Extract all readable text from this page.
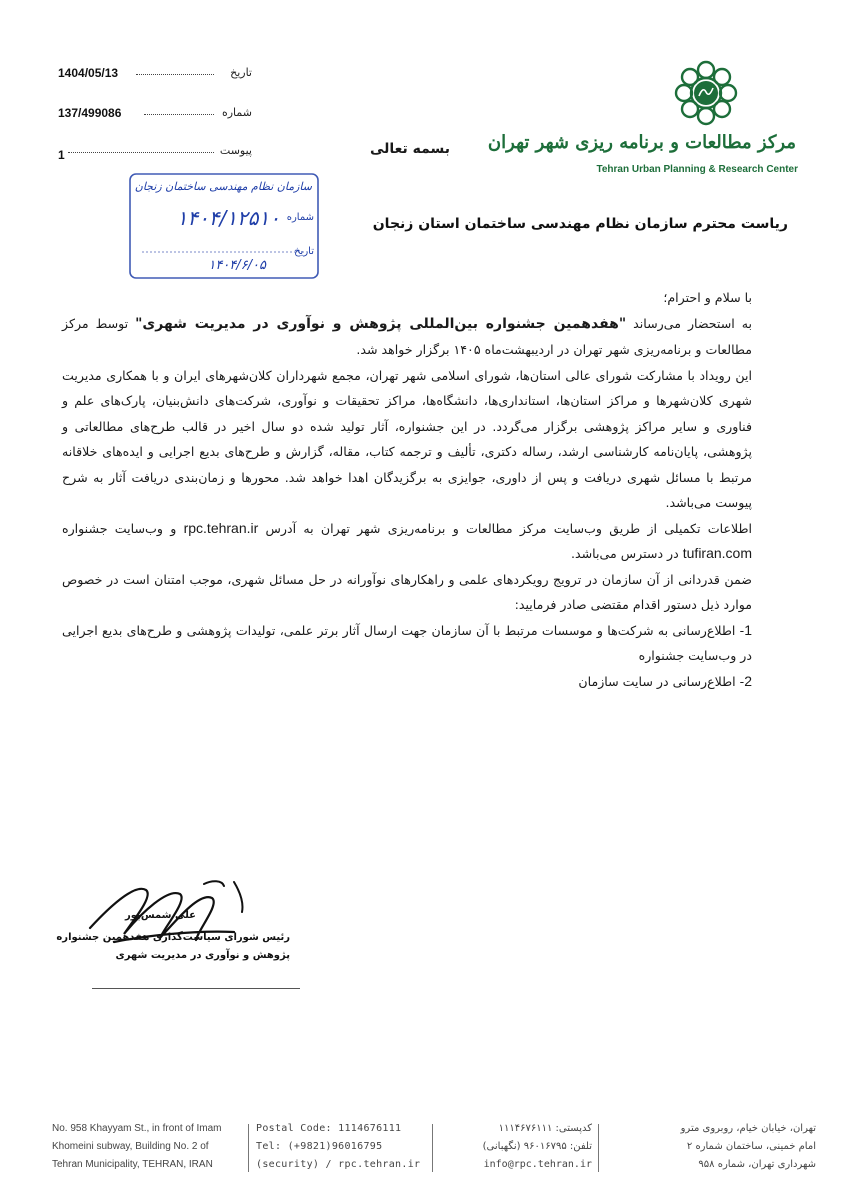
1404/05/13	تاریخ
137/499086	شماره
1	پیوست
سازمان نظام مهندسی ساختمان زنجان
شماره
۱۴۰۴/۱۲۵۱۰
تاریخ
۱۴۰۴/۶/۰۵
بسمه تعالی	مرکز مطالعات و برنامه ریزی شهر تهران
Tehran Urban Planning & Research Center
ریاست محترم سازمان نظام مهندسی ساختمان استان زنجان

با سلام و احترام؛

به استحضار می‌رساند "هفدهمین جشنواره بین‌المللی پژوهش و نوآوری در مدیریت شهری" توسط مرکز مطالعات و برنامه‌ریزی شهر تهران در اردیبهشت‌ماه ۱۴۰۵ برگزار خواهد شد.

این رویداد با مشارکت شورای عالی استان‌ها، شورای اسلامی شهر تهران، مجمع شهرداران کلان‌شهرهای ایران و با همکاری مدیریت شهری کلان‌شهرها و مراکز استان‌ها، استانداری‌ها، دانشگاه‌ها، مراکز تحقیقات و نوآوری، شرکت‌های دانش‌بنیان، پارک‌های علم و فناوری و سایر مراکز پژوهشی برگزار می‌گردد. در این جشنواره، آثار تولید شده دو سال اخیر در قالب طرح‌های مطالعاتی و پژوهشی، پایان‌نامه کارشناسی ارشد، رساله دکتری، تألیف و ترجمه کتاب، مقاله، گزارش و طرح‌های بدیع اجرایی و ایده‌های خلاقانه مرتبط با مسائل شهری دریافت و پس از داوری، جوایزی به برگزیدگان اهدا خواهد شد. محورها و زمان‌بندی دریافت آثار به شرح پیوست می‌باشد.

اطلاعات تکمیلی از طریق وب‌سایت مرکز مطالعات و برنامه‌ریزی شهر تهران به آدرس rpc.tehran.ir و وب‌سایت جشنواره tufiran.com در دسترس می‌باشد.

ضمن قدردانی از آن سازمان در ترویج رویکردهای علمی و راهکارهای نوآورانه در حل مسائل شهری، موجب امتنان است در خصوص موارد ذیل دستور اقدام مقتضی صادر فرمایید:

1- اطلاع‌رسانی به شرکت‌ها و موسسات مرتبط با آن سازمان جهت ارسال آثار برتر علمی، تولیدات پژوهشی و طرح‌های بدیع اجرایی در وب‌سایت جشنواره

2- اطلاع‌رسانی در سایت سازمان

علی شمس‌پور
رئیس شورای سیاست‌گذاری هفدهمین جشنواره
پژوهش و نوآوری در مدیریت شهری
No. 958 Khayyam St., in front of Imam
Khomeini subway, Building No. 2 of
Tehran Municipality, TEHRAN, IRAN
Postal Code: 1114676111
Tel: (+9821)96016795
(security) / rpc.tehran.ir
کدپستی: ۱۱۱۴۶۷۶۱۱۱
تلفن: ۹۶۰۱۶۷۹۵ (نگهبانی)
info@rpc.tehran.ir
تهران، خیابان خیام، روبروی مترو
امام خمینی، ساختمان شماره ۲
شهرداری تهران، شماره ۹۵۸
